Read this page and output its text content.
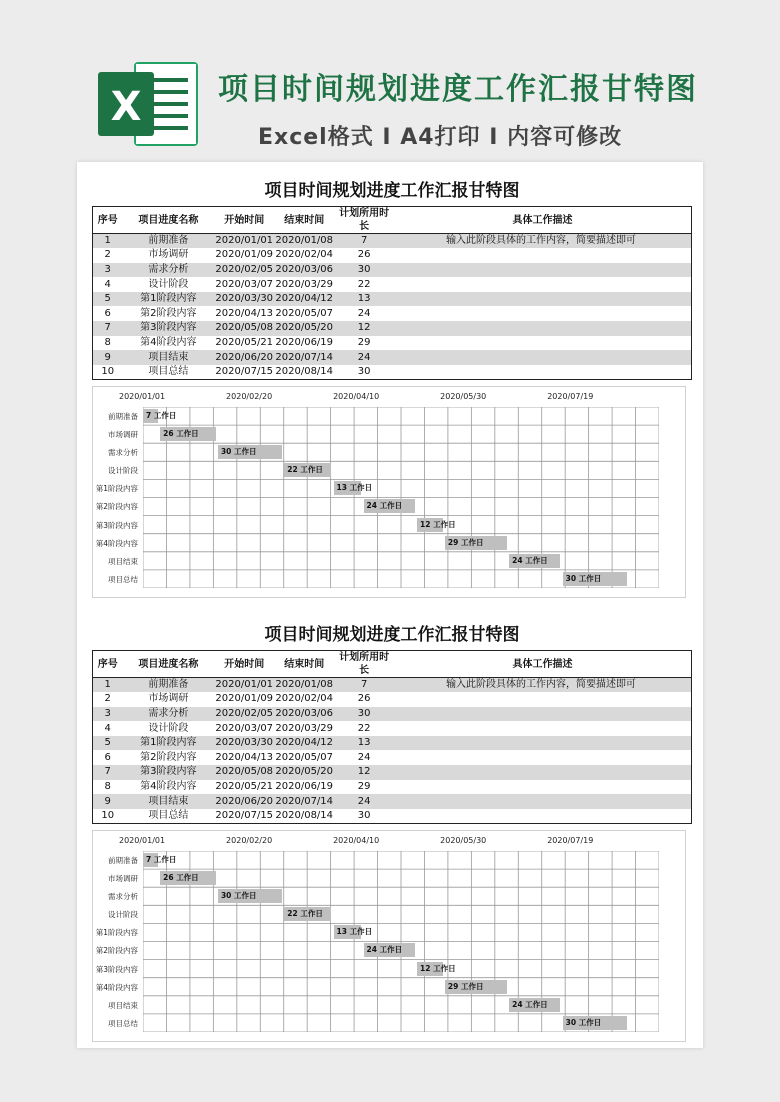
X	项目时间规划进度工作汇报甘特图
Excel格式 I A4打印 I 内容可修改
项目时间规划进度工作汇报甘特图
序号	项目进度名称	开始时间	结束时间	计划所用时长	具体工作描述
1	前期准备	2020/01/01	2020/01/08	7	输入此阶段具体的工作内容，简要描述即可
2	市场调研	2020/01/09	2020/02/04	26	
3	需求分析	2020/02/05	2020/03/06	30	
4	设计阶段	2020/03/07	2020/03/29	22	
5	第1阶段内容	2020/03/30	2020/04/12	13	
6	第2阶段内容	2020/04/13	2020/05/07	24	
7	第3阶段内容	2020/05/08	2020/05/20	12	
8	第4阶段内容	2020/05/21	2020/06/19	29	
9	项目结束	2020/06/20	2020/07/14	24	
10	项目总结	2020/07/15	2020/08/14	30	
2020/01/01	2020/02/20	2020/04/10	2020/05/30	2020/07/19
前期准备	7 工作日
市场调研	26 工作日
需求分析	30 工作日
设计阶段	22 工作日
第1阶段内容	13 工作日
第2阶段内容	24 工作日
第3阶段内容	12 工作日
第4阶段内容	29 工作日
项目结束	24 工作日
项目总结	30 工作日
项目时间规划进度工作汇报甘特图
序号	项目进度名称	开始时间	结束时间	计划所用时长	具体工作描述
1	前期准备	2020/01/01	2020/01/08	7	输入此阶段具体的工作内容，简要描述即可
2	市场调研	2020/01/09	2020/02/04	26	
3	需求分析	2020/02/05	2020/03/06	30	
4	设计阶段	2020/03/07	2020/03/29	22	
5	第1阶段内容	2020/03/30	2020/04/12	13	
6	第2阶段内容	2020/04/13	2020/05/07	24	
7	第3阶段内容	2020/05/08	2020/05/20	12	
8	第4阶段内容	2020/05/21	2020/06/19	29	
9	项目结束	2020/06/20	2020/07/14	24	
10	项目总结	2020/07/15	2020/08/14	30	
2020/01/01	2020/02/20	2020/04/10	2020/05/30	2020/07/19
前期准备	7 工作日
市场调研	26 工作日
需求分析	30 工作日
设计阶段	22 工作日
第1阶段内容	13 工作日
第2阶段内容	24 工作日
第3阶段内容	12 工作日
第4阶段内容	29 工作日
项目结束	24 工作日
项目总结	30 工作日
